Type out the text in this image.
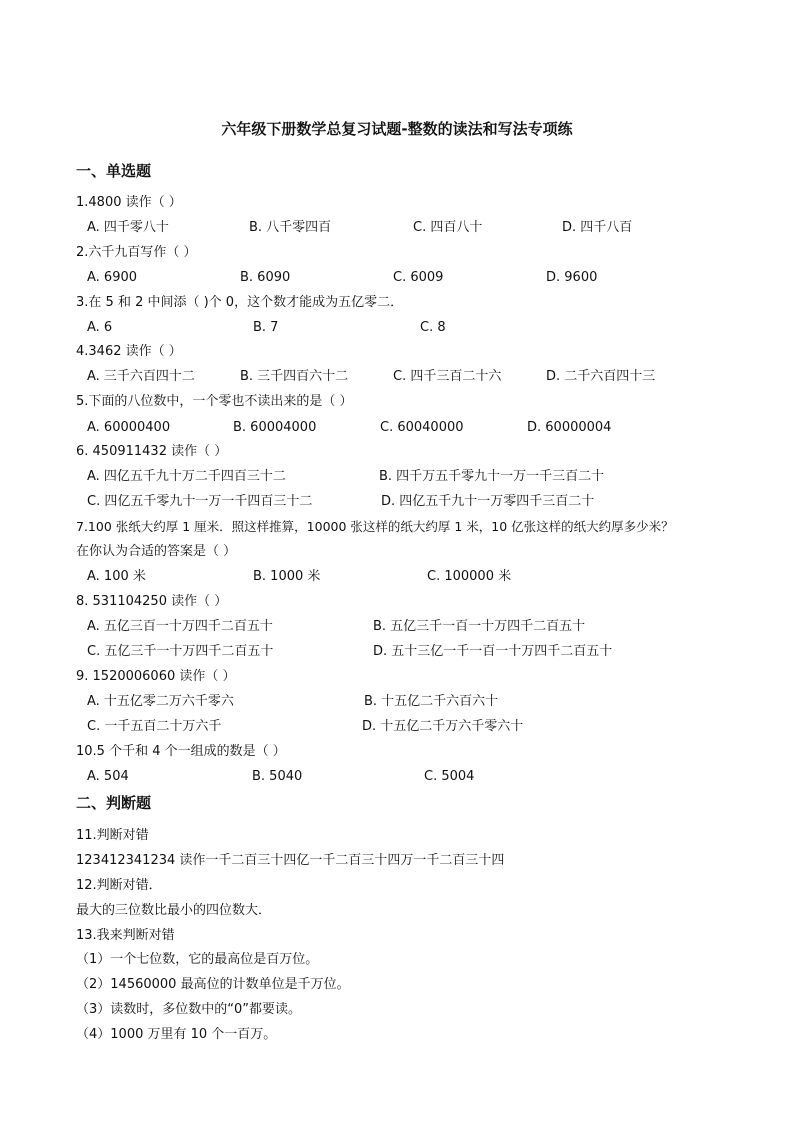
六年级下册数学总复习试题-整数的读法和写法专项练
一、单选题
1.4800 读作（ ）
A. 四千零八十	B. 八千零四百	C. 四百八十	D. 四千八百
2.六千九百写作（ ）
A. 6900	B. 6090	C. 6009	D. 9600
3.在 5 和 2 中间添（ )个 0，这个数才能成为五亿零二．
A. 6	B. 7	C. 8
4.3462 读作（ ）
A. 三千六百四十二	B. 三千四百六十二	C. 四千三百二十六	D. 二千六百四十三
5.下面的八位数中，一个零也不读出来的是（ ）
A. 60000400	B. 60004000	C. 60040000	D. 60000004
6. 450911432 读作（ ）
A. 四亿五千九十万二千四百三十二	B. 四千万五千零九十一万一千三百二十
C. 四亿五千零九十一万一千四百三十二	D. 四亿五千九十一万零四千三百二十
7.100 张纸大约厚 1 厘米．照这样推算，10000 张这样的纸大约厚 1 米，10 亿张这样的纸大约厚多少米？
在你认为合适的答案是（ ）
A. 100 米	B. 1000 米	C. 100000 米
8. 531104250 读作（ ）
A. 五亿三百一十万四千二百五十	B. 五亿三千一百一十万四千二百五十
C. 五亿三千一十万四千二百五十	D. 五十三亿一千一百一十万四千二百五十
9. 1520006060 读作（ ）
A. 十五亿零二万六千零六	B. 十五亿二千六百六十
C. 一千五百二十万六千	D. 十五亿二千万六千零六十
10.5 个千和 4 个一组成的数是（ ）
A. 504	B. 5040	C. 5004
二、判断题
11.判断对错
123412341234 读作一千二百三十四亿一千二百三十四万一千二百三十四
12.判断对错．
最大的三位数比最小的四位数大．
13.我来判断对错
（1）一个七位数，它的最高位是百万位。
（2）14560000 最高位的计数单位是千万位。
（3）读数时，多位数中的“0”都要读。
（4）1000 万里有 10 个一百万。
